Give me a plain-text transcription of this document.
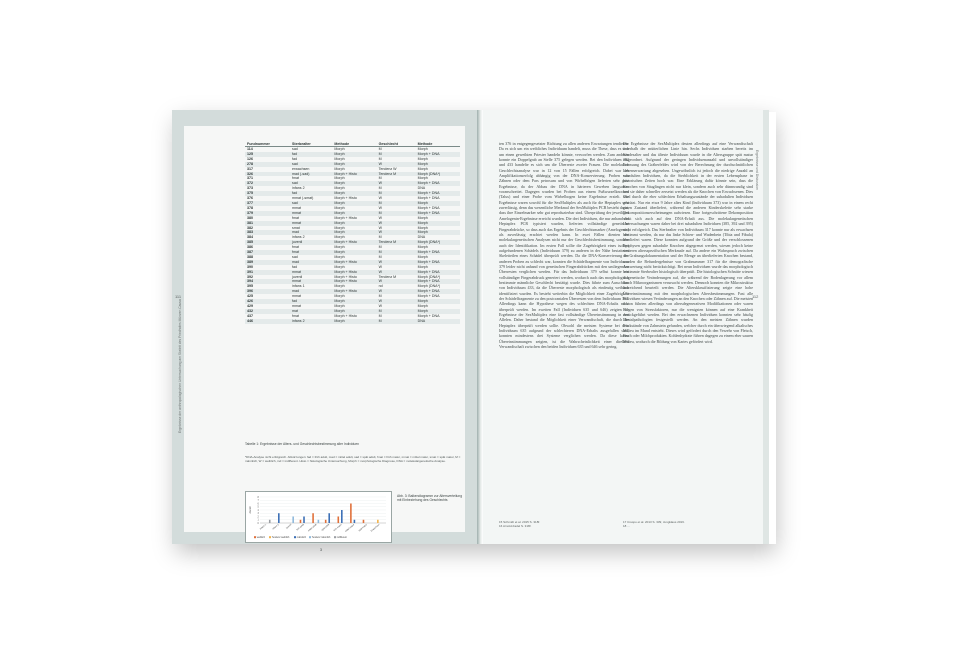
Ergebnisse der anthropologischen Untersuchung am Skelett des Friedhofes Münzen Causa
111
Fundnummer	Sterbealter	Methode	Geschlecht	Methode
114	sad	Morph	M	Morph
125	fad	Morph	M	Morph + DNA
126	fad	Morph	M	Morph
278	sad	Morph	W	Morph
317	erwachsen	Morph	Tendenz W	Morph
326	mad (-sad)	Morph + Histo	Tendenz M	Morph (DNA*)
371	fmat	Morph	M	Morph
372	sad	Morph	W	Morph + DNA
373	infans 2	Morph	M	DNA
375	fad	Morph	M	Morph + DNA
376	mmat (-smat)	Morph + Histo	W	Morph + DNA
377	sad	Morph	M	Morph
378	mmat	Morph	W	Morph + DNA
379	mmat	Morph	M	Morph + DNA
380	fmat	Morph + Histo	W	Morph
381	mmat	Morph	W	Morph
382	smat	Morph	W	Morph
383	mad	Morph	W	Morph
384	infans 2	Morph	M	DNA
385	juvenil	Morph + Histo	Tendenz M	Morph (DNA*)
386	fmat	Morph	M	Morph
387	fmat	Morph	M	Morph + DNA
388	sad	Morph	M	Morph
389	mad	Morph + Histo	W	Morph + DNA
390	fad	Morph	W	Morph
391	mmat	Morph + Histo	W	Morph + DNA
392	juvenil	Morph + Histo	Tendenz M	Morph (DNA*)
394	mmat	Morph + Histo	W	Morph + DNA
395	infans 1	Morph	nd	Morph (DNA*)
396	mad	Morph + Histo	W	Morph + DNA
425	mmat	Morph	M	Morph + DNA
426	fad	Morph	W	Morph
429	mmat	Morph	W	Morph
432	mat	Morph	M	Morph
437	fmat	Morph + Histo	M	Morph + DNA
446	infans 2	Morph	M	DNA
Tabelle 1: Ergebnisse der Alters- und Geschlechtsbestimmung aller Individuen
*DNA-Analyse nicht erfolgreich. Abkürzungen: fad = früh adult, mad = mittel adult, sad = spät adult, fmat = früh matur, mmat = mittel matur, smat = spät matur, M = männlich, W = weiblich, ind = indifferent. Histo = histologische Untersuchung, Morph = morphologische Diagnose, DNA = molekulargenetische Analyse.
0
1
2
3
4
5
6
7
8
Anzahl
infans 1 infans 2	juvenil früh adult mittel adult spät adult früh matur mittel matur spät matur Erwachsen
weiblich	Tendenz weiblich	männlich	Tendenz männlich	indifferent
Abb. 3: Balkendiagramm zur Altersverteilung mit Einbeziehung des Geschlechts
3
Ergebnisse und Diskussion
112

ten 376 in entgegengesetzter Richtung zu allen anderen Erwartungen tendieren. Da es sich um ein weibliches Individuum handelt, muss die These, dass es sich um einen geweihten Priester handeln könnte, verworfen werden. Zum anderen konnte ein Doppelgrab an Stelle 375 gelegen werden. Bei den Individuen 382 und 433 handelte es sich um die Überreste zweier Frauen. Die molekulare Geschlechtsanalyse war in 12 von 15 Fällen erfolgreich. Dabei war der Amplifikationserfolg abhängig von der DNA-Konservierung. Proben von Zähnen oder dem Pars petrosum und von Wirbelbögen lieferten sehr gute Ergebnisse, da der Abbau der DNA in härteren Geweben langsamer voranschreitet. Dagegen wurden bei Proben aus einem Fußwurzelknochen (Talus) und einer Probe vom Wirbelbogen keine Ergebnisse erzielt. Die Ergebnisse waren sowohl für die SexMultiplex als auch für die Heptaplex sehr zuverlässig, denn das wesentliche Merkmal der SexMultiplex PCR besteht darin, dass ihre Einzelmarker sehr gut reproduzierbar sind. Überprüfung der jeweiligen Amelogenin-Ergebnisse erreicht wurden. Die drei Individuen, die nur anhand der Heptaplex PCR typisiert wurden, lieferten vollständige genetische Fingerabdrücke, so dass auch das Ergebnis der Geschlechtsmarker (Amelogenin) als zuverlässig erachtet werden kann. In zwei Fällen dienten die molekulargenetischen Analysen nicht nur der Geschlechtsbestimmung, sondern auch der Identifikation. Im ersten Fall sollte die Zugehörigkeit eines isoliert aufgefundenen Schädels (Individuum 379) zu anderen in der Nähe bestatteten Skeletteilen eines Schädel überprüft werden. Da die DNA-Konservierung der anderen Proben zu schlecht war, konnten die Schädelfragmente von Individuum 379 leider nicht anhand von genetischen Fingerabdrücken mit den umliegenden Überresten verglichen werden. Für das Individuum 379 selbst konnte ein vollständiger Fingerabdruck generiert werden, wodurch auch das morphologisch bestimmte männliche Geschlecht bestätigt wurde. Dies führte zum Ausschluss von Individuum 433, da die Überreste morphologisch als eindeutig weiblich identifiziert wurden. Es besteht weiterhin die Möglichkeit einer Zugehörigkeit der Schädelfragmente zu den postcranialen Überresten von dem Individuum 391. Allerdings kann die Hypothese wegen des schlechten DNA-Erhalts nicht überprüft werden. Im zweiten Fall (Individuen 635 und 646) zeigten die Ergebnisse der SexMultiplex eine fast vollständige Übereinstimmung in den Allelen. Daher bestand die Möglichkeit einer Verwandtschaft, die durch die Heptaplex überprüft werden sollte. Obwohl die meisten Systeme bei dem Individuum 635 aufgrund der schlechteren DNA-Erhalts ausgefallen sind, konnten mindestens drei Systeme verglichen werden. Da diese kaum Übereinstimmungen zeigten, ist die Wahrscheinlichkeit einer direkten Verwandtschaft zwischen den beiden Individuen 635 und 646 sehr gering.

Die Ergebnisse der SexMultiplex deuten allerdings auf eine Verwandtschaft innerhalb der mütterlichen Linie hin. Sechs Individuen starben bereits im Kindesalter und das älteste Individuum wurde in die Altersgruppe spät matur eingeordnet. Aufgrund der geringen Individuenanzahl und unvollständiger Erfassung des Gräberfeldes wird von der Berechnung der durchschnittlichen Lebenserwartung abgesehen. Ungewöhnlich ist jedoch die niedrige Anzahl an subadulten Individuen, da die Sterblichkeit in der ersten Lebensphase in historischen Zeiten hoch war. Eine Erklärung dafür könnte sein, dass die Knochen von Säuglingen nicht nur klein, sondern auch sehr dünnwandig sind und sie daher schneller zersetzt werden als die Knochen von Erwachsenen. Dies wird durch die eher schlechten Erhaltungszustände der subadulten Individuen gestützt. Nur ein etwa 9 Jahre altes Kind (Individuum 373) war in einem recht guten Zustand überliefert, während die anderen Kinderskelette sehr starke Dekompositionserscheinungen aufwiesen. Eine fortgeschrittene Dekomposition wirkt sich auch auf den DNA-Erhalt aus. Die molekulargenetischen Untersuchungen waren daher bei drei subadulten Individuen (385, 392 und 395) nicht erfolgreich. Das Sterbealter von Individuum 317 konnte nur als erwachsen bestimmt werden, da nur das linke Schien- und Wadenbein (Tibia und Fibula) überliefert waren. Diese konnten aufgrund der Größe und der verschlossenen Epiphysen gegen subadulte Knochen abgegrenzt werden, wiesen jedoch keine weiteren altersspezifischen Merkmale auf. Da andere ein Wahrspruch zwischen der Grabungsdokumentation und der Menge an überlieferten Knochen bestand, wurden die Befundergebnisse von Grabnummer 317 für die demografische Auswertung nicht berücksichtigt. Bei neun Individuen wurde das morphologisch bestimmte Sterbealter histologisch überprüft. Die histologischen Schnitte wiesen diagenetische Veränderungen auf, die während der Bodenlagerung vor allem durch Mikroorganismen verursacht werden. Dennoch konnten die Mikrostruktur ausreichend beurteilt werden. Die Altersklassifizierung zeigte eine hohe Übereinstimmung mit den morphologischen Altersbestimmungen. Fast alle Individuen wiesen Veränderungen an den Knochen oder Zähnen auf. Die meisten davon führten allerdings von altersdegenerativen Modifikationen oder waren Folgen von Stressfaktoren, nur die wenigsten können auf eine Krankheit zurückgeführt werden. Bei den erwachsenen Individuen konnten sehr häufig Dentalpathologien festgestellt werden. An den meisten Zähnen wurden Rückstände von Zahnstein gefunden, welcher durch ein überwiegend alkalisches Milieu im Mund entsteht. Dieses wird gefördert durch den Verzehr von Fleisch, Fisch oder Milchprodukten. Kohlenhydrate führen dagegen zu einem eher sauren Milieu, wodurch die Bildung von Karies gefördert wird.

15 Schmidt et al. 2015 S. 318f.
16 Arnold-Fadel S. 318f.
17 Crespo et al. 2013 S. 339; Jungklaus 2016.
18 ...
